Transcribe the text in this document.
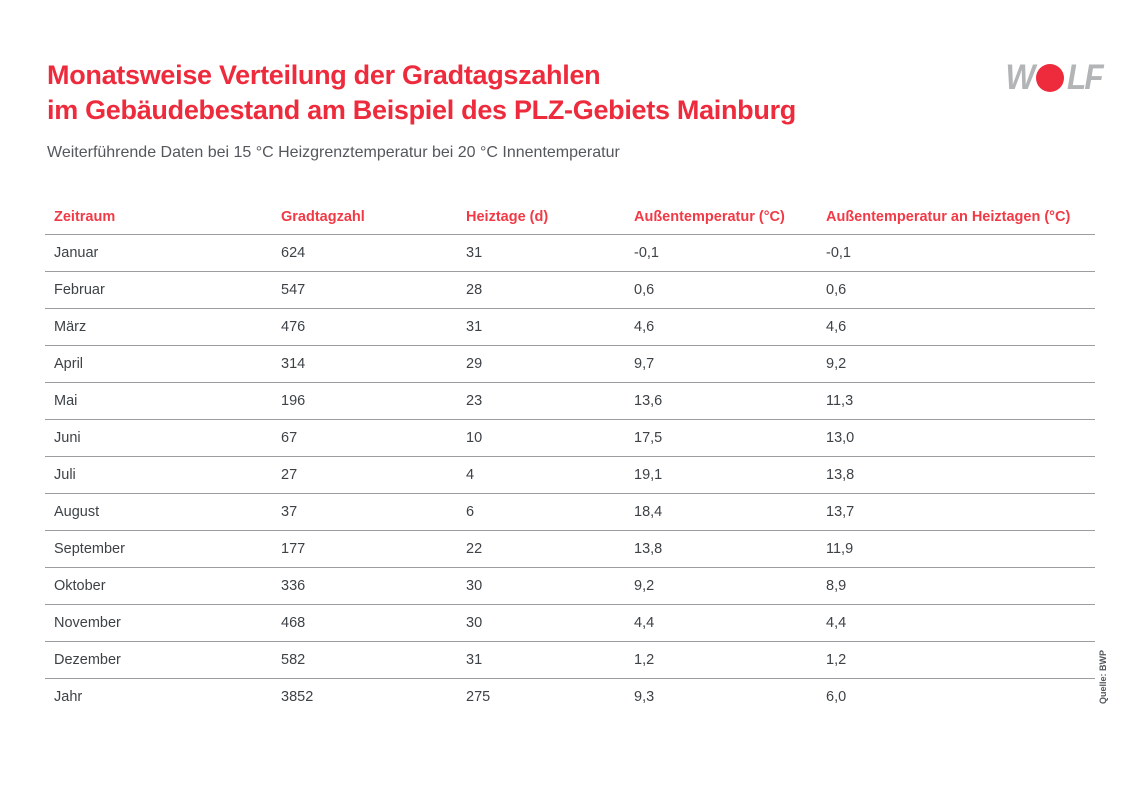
Monatsweise Verteilung der Gradtagszahlen
im Gebäudebestand am Beispiel des PLZ-Gebiets Mainburg
Weiterführende Daten bei 15 °C Heizgrenztemperatur bei 20 °C Innentemperatur
W LF
Zeitraum	Gradtagzahl	Heiztage (d)	Außentemperatur (°C)	Außentemperatur an Heiztagen (°C)
Januar	624	31	-0,1	-0,1
Februar	547	28	0,6	0,6
März	476	31	4,6	4,6
April	314	29	9,7	9,2
Mai	196	23	13,6	11,3
Juni	67	10	17,5	13,0
Juli	27	4	19,1	13,8
August	37	6	18,4	13,7
September	177	22	13,8	11,9
Oktober	336	30	9,2	8,9
November	468	30	4,4	4,4
Dezember	582	31	1,2	1,2
Jahr	3852	275	9,3	6,0	Quelle: BWP
